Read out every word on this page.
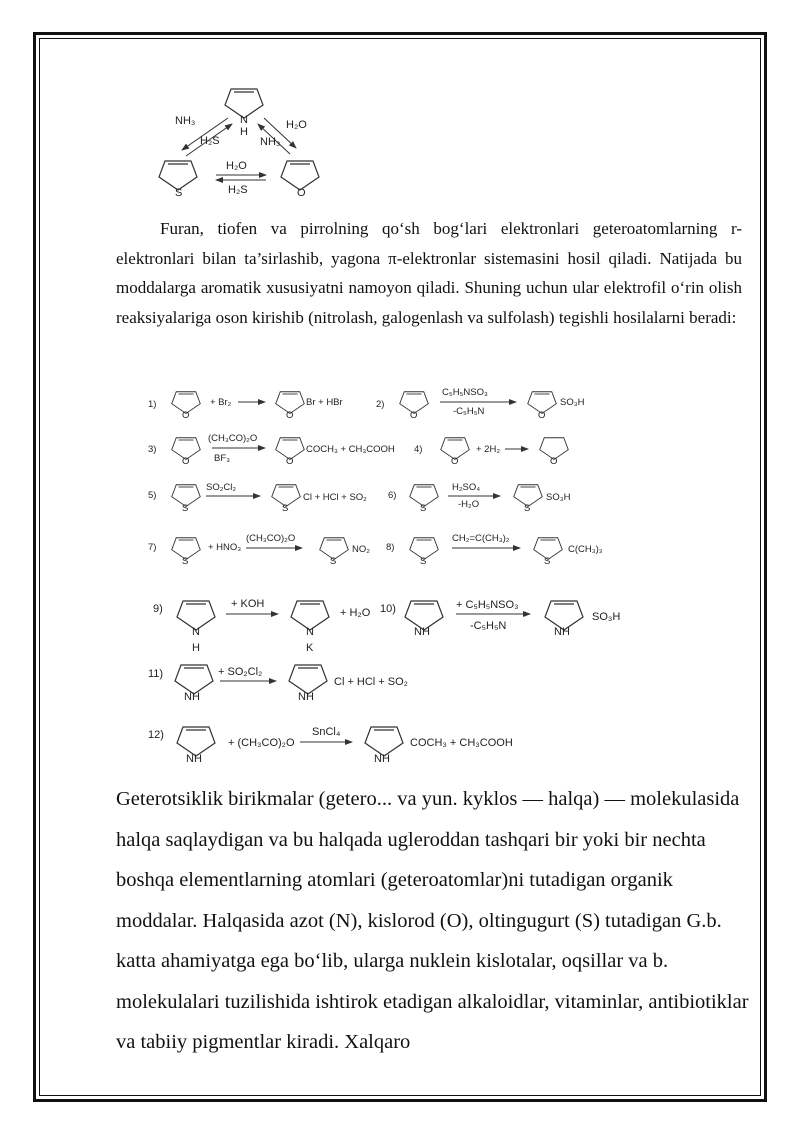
N
H
S	O
NH₃
H₂S
H₂O
NH₃
H₂O
H₂S
1)
O
+ Br₂
O
Br + HBr	2)
O
C₅H₅NSO₃
-C₅H₅N	O
SO₃H
3)
O
(CH₃CO)₂O
BF₃	O
COCH₃ + CH₃COOH 4)
O
+ 2H₂
O
5)
S
SO₂Cl₂
S
Cl + HCl + SO₂ 6)
S
H₂SO₄
-H₂O	S
SO₃H
7)
S
+ HNO₃
(CH₃CO)₂O
S
NO₂ 8)
S
CH₂=C(CH₃)₂
S
C(CH₃)₃
9)
N
H
+ KOH
N
K
+ H₂O 10)
NH
+ C₅H₅NSO₃
-C₅H₅N	NH
SO₃H
11)
NH
+ SO₂Cl₂
NH
Cl + HCl + SO₂
12)
NH
+ (CH₃CO)₂O
SnCl₄
NH
COCH₃ + CH₃COOH

Furan, tiofen va pirrolning qo‘sh bog‘lari elektronlari geteroatomlarning r-elektronlari bilan ta’sirlashib, yagona π-elektronlar sistemasini hosil qiladi. Natijada bu moddalarga aromatik xususiyatni namoyon qiladi. Shuning uchun ular elektrofil o‘rin olish reaksiyalariga oson kirishib (nitrolash, galogenlash va sulfolash) tegishli hosilalarni beradi:

Geterotsiklik birikmalar (getero... va yun. kyklos — halqa) — molekulasida halqa saqlaydigan va bu halqada ugleroddan tashqari bir yoki bir nechta boshqa elementlarning atomlari (geteroatomlar)ni tutadigan organik moddalar. Halqasida azot (N), kislorod (O), oltingugurt (S) tutadigan G.b. katta ahamiyatga ega bo‘lib, ularga nuklein kislotalar, oqsillar va b. molekulalari tuzilishida ishtirok etadigan alkaloidlar, vitaminlar, antibiotiklar va tabiiy pigmentlar kiradi. Xalqaro
